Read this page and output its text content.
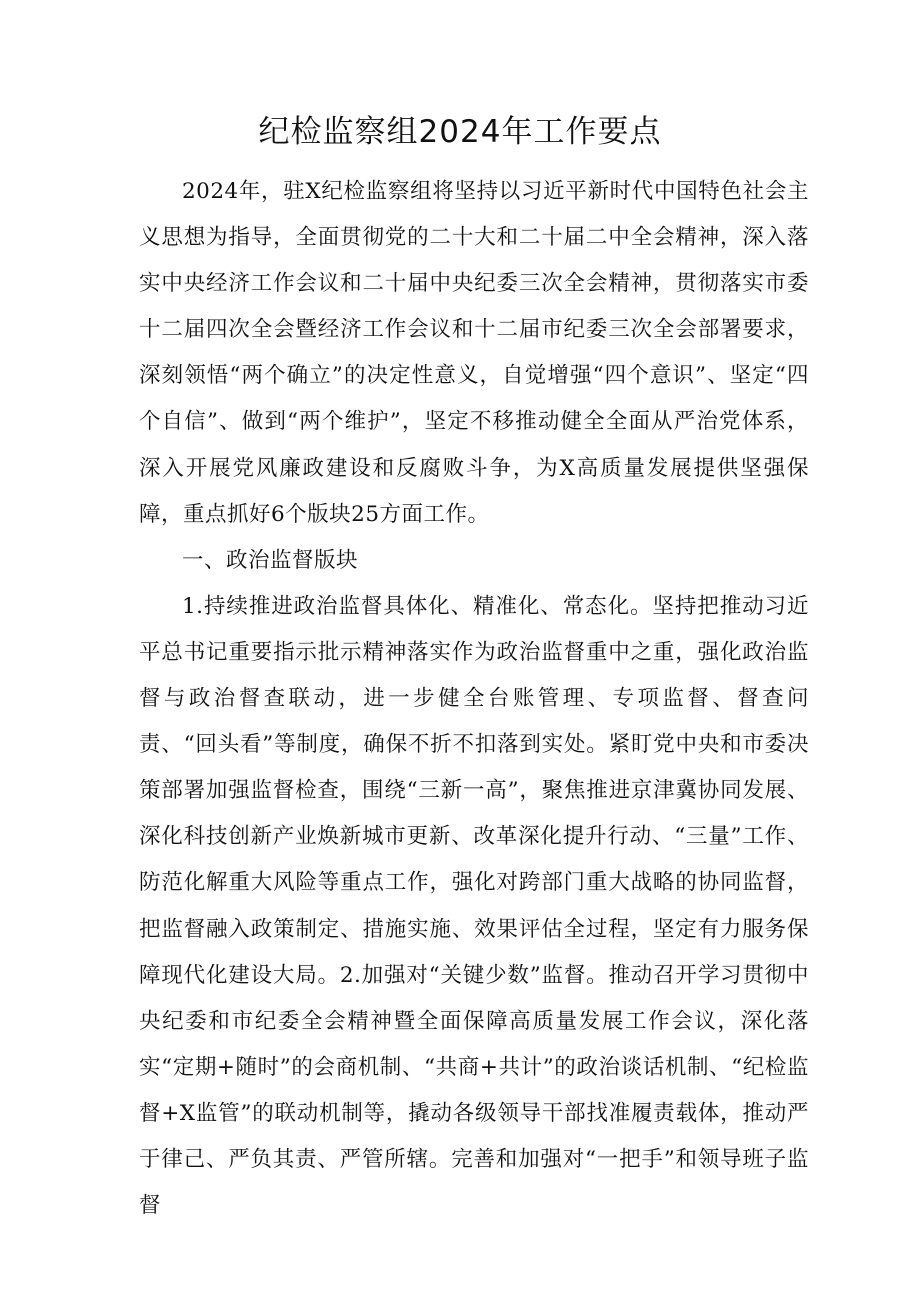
纪检监察组2024年工作要点

2024年，驻X纪检监察组将坚持以习近平新时代中国特色社会主义思想为指导，全面贯彻党的二十大和二十届二中全会精神，深入落实中央经济工作会议和二十届中央纪委三次全会精神，贯彻落实市委十二届四次全会暨经济工作会议和十二届市纪委三次全会部署要求，深刻领悟“两个确立”的决定性意义，自觉增强“四个意识”、坚定“四个自信”、做到“两个维护”，坚定不移推动健全全面从严治党体系，深入开展党风廉政建设和反腐败斗争，为X高质量发展提供坚强保障，重点抓好6个版块25方面工作。

一、政治监督版块

1.持续推进政治监督具体化、精准化、常态化。坚持把推动习近平总书记重要指示批示精神落实作为政治监督重中之重，强化政治监督与政治督查联动，进一步健全台账管理、专项监督、督查问责、“回头看”等制度，确保不折不扣落到实处。紧盯党中央和市委决策部署加强监督检查，围绕“三新一高”，聚焦推进京津冀协同发展、深化科技创新产业焕新城市更新、改革深化提升行动、“三量”工作、防范化解重大风险等重点工作，强化对跨部门重大战略的协同监督，把监督融入政策制定、措施实施、效果评估全过程，坚定有力服务保障现代化建设大局。2.加强对“关键少数”监督。推动召开学习贯彻中央纪委和市纪委全会精神暨全面保障高质量发展工作会议，深化落实“定期+随时”的会商机制、“共商+共计”的政治谈话机制、“纪检监督+X监管”的联动机制等，撬动各级领导干部找准履责载体，推动严于律己、严负其责、严管所辖。完善和加强对“一把手”和领导班子监督
